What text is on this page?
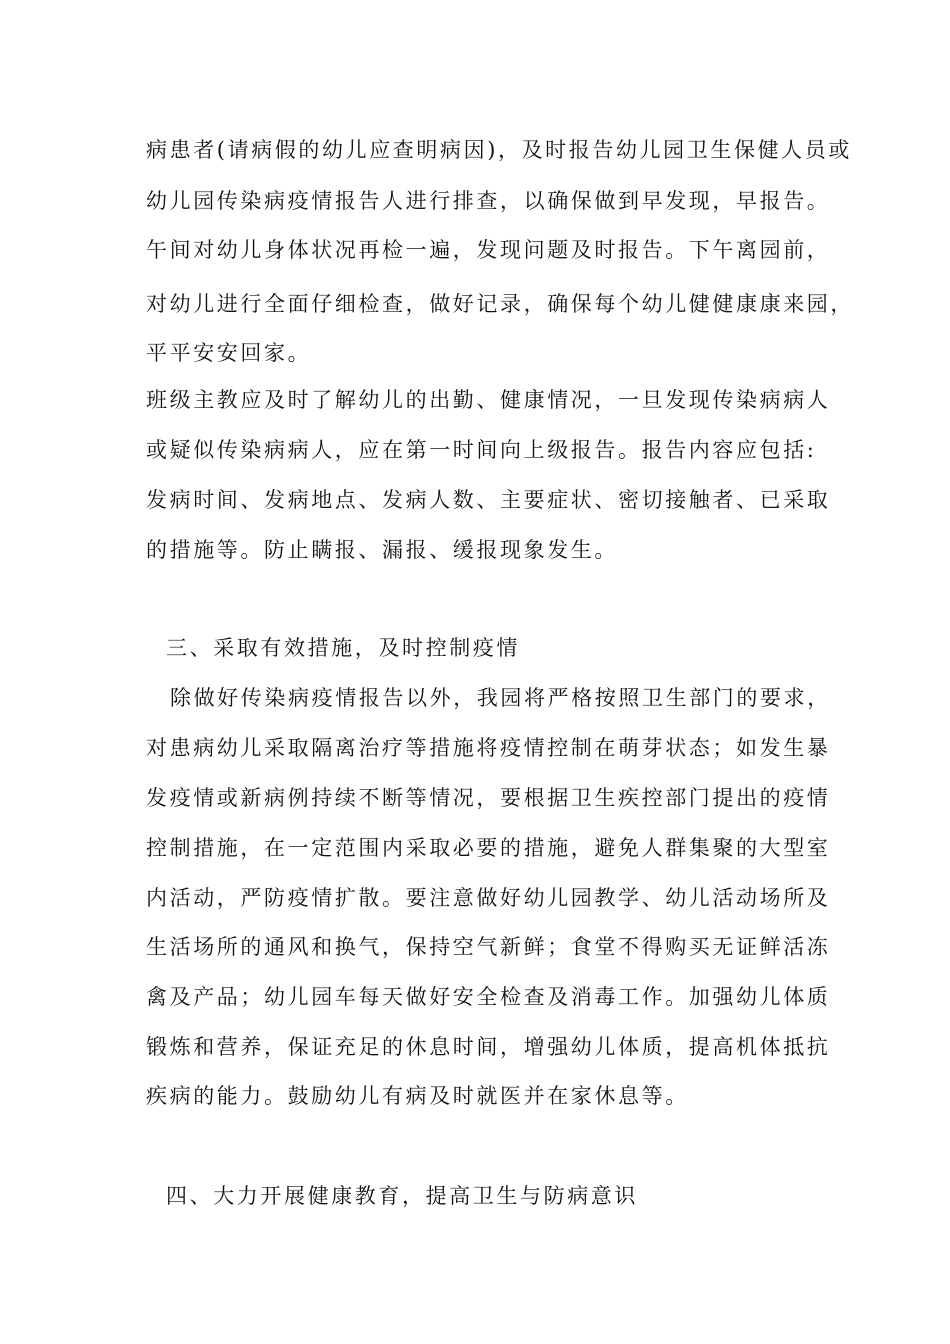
病患者(请病假的幼儿应查明病因)，及时报告幼儿园卫生保健人员或
幼儿园传染病疫情报告人进行排查，以确保做到早发现，早报告。
午间对幼儿身体状况再检一遍，发现问题及时报告。下午离园前，
对幼儿进行全面仔细检查，做好记录，确保每个幼儿健健康康来园，
平平安安回家。
班级主教应及时了解幼儿的出勤、健康情况，一旦发现传染病病人
或疑似传染病病人，应在第一时间向上级报告。报告内容应包括:
发病时间、发病地点、发病人数、主要症状、密切接触者、已采取
的措施等。防止瞒报、漏报、缓报现象发生。
三、采取有效措施，及时控制疫情
除做好传染病疫情报告以外，我园将严格按照卫生部门的要求，
对患病幼儿采取隔离治疗等措施将疫情控制在萌芽状态；如发生暴
发疫情或新病例持续不断等情况，要根据卫生疾控部门提出的疫情
控制措施，在一定范围内采取必要的措施，避免人群集聚的大型室
内活动，严防疫情扩散。要注意做好幼儿园教学、幼儿活动场所及
生活场所的通风和换气，保持空气新鲜；食堂不得购买无证鲜活冻
禽及产品；幼儿园车每天做好安全检查及消毒工作。加强幼儿体质
锻炼和营养，保证充足的休息时间，增强幼儿体质，提高机体抵抗
疾病的能力。鼓励幼儿有病及时就医并在家休息等。
四、大力开展健康教育，提高卫生与防病意识
